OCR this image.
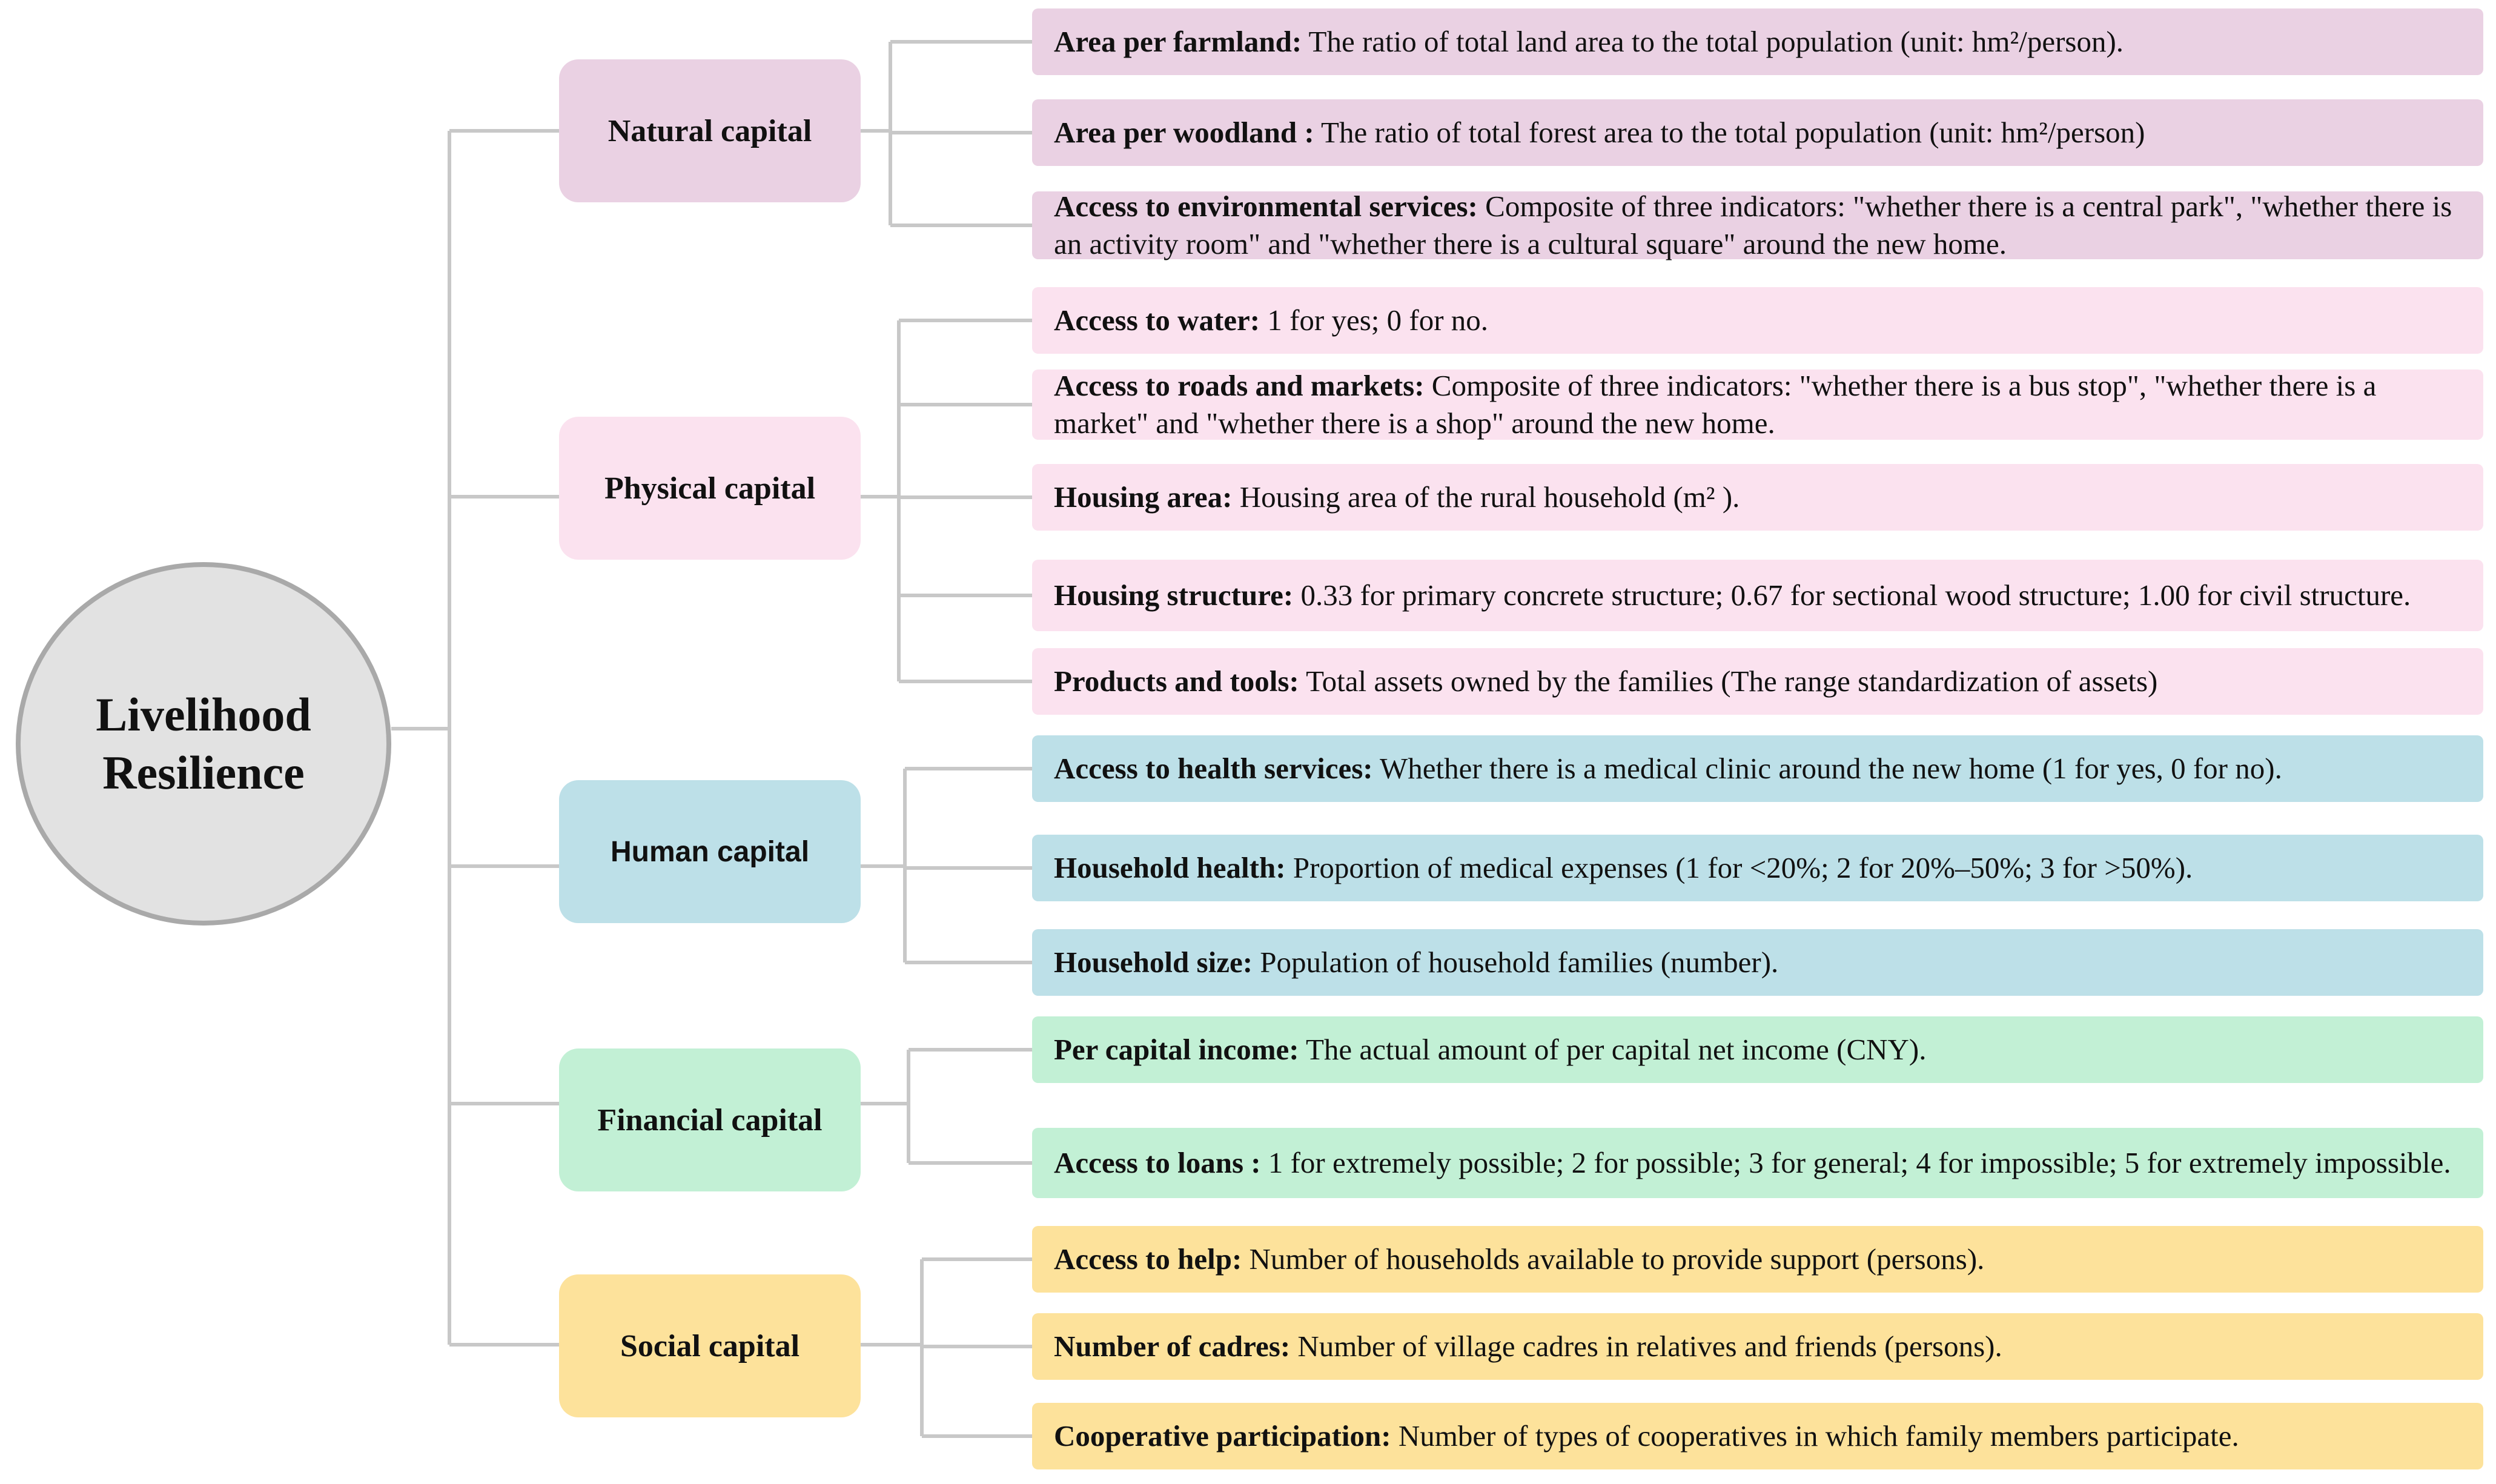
Livelihood
Resilience
Natural capital
Physical capital
Human capital
Financial capital
Social capital
Area per farmland: The ratio of total land area to the total population (unit: hm²/person).
Area per woodland : The ratio of total forest area to the total population (unit: hm²/person)
Access to environmental services: Composite of three indicators: "whether there is a central park", "whether there is an activity room" and "whether there is a cultural square" around the new home.
Access to water: 1 for yes; 0 for no.
Access to roads and markets: Composite of three indicators: "whether there is a bus stop", "whether there is a market" and "whether there is a shop" around the new home.
Housing area: Housing area of the rural household (m² ).
Housing structure: 0.33 for primary concrete structure; 0.67 for sectional wood structure; 1.00 for civil structure.
Products and tools: Total assets owned by the families (The range standardization of assets)
Access to health services: Whether there is a medical clinic around the new home (1 for yes, 0 for no).
Household health: Proportion of medical expenses (1 for <20%; 2 for 20%–50%; 3 for >50%).
Household size: Population of household families (number).
Per capital income: The actual amount of per capital net income (CNY).
Access to loans : 1 for extremely possible; 2 for possible; 3 for general; 4 for impossible; 5 for extremely impossible.
Access to help: Number of households available to provide support (persons).
Number of cadres: Number of village cadres in relatives and friends (persons).
Cooperative participation: Number of types of cooperatives in which family members participate.
